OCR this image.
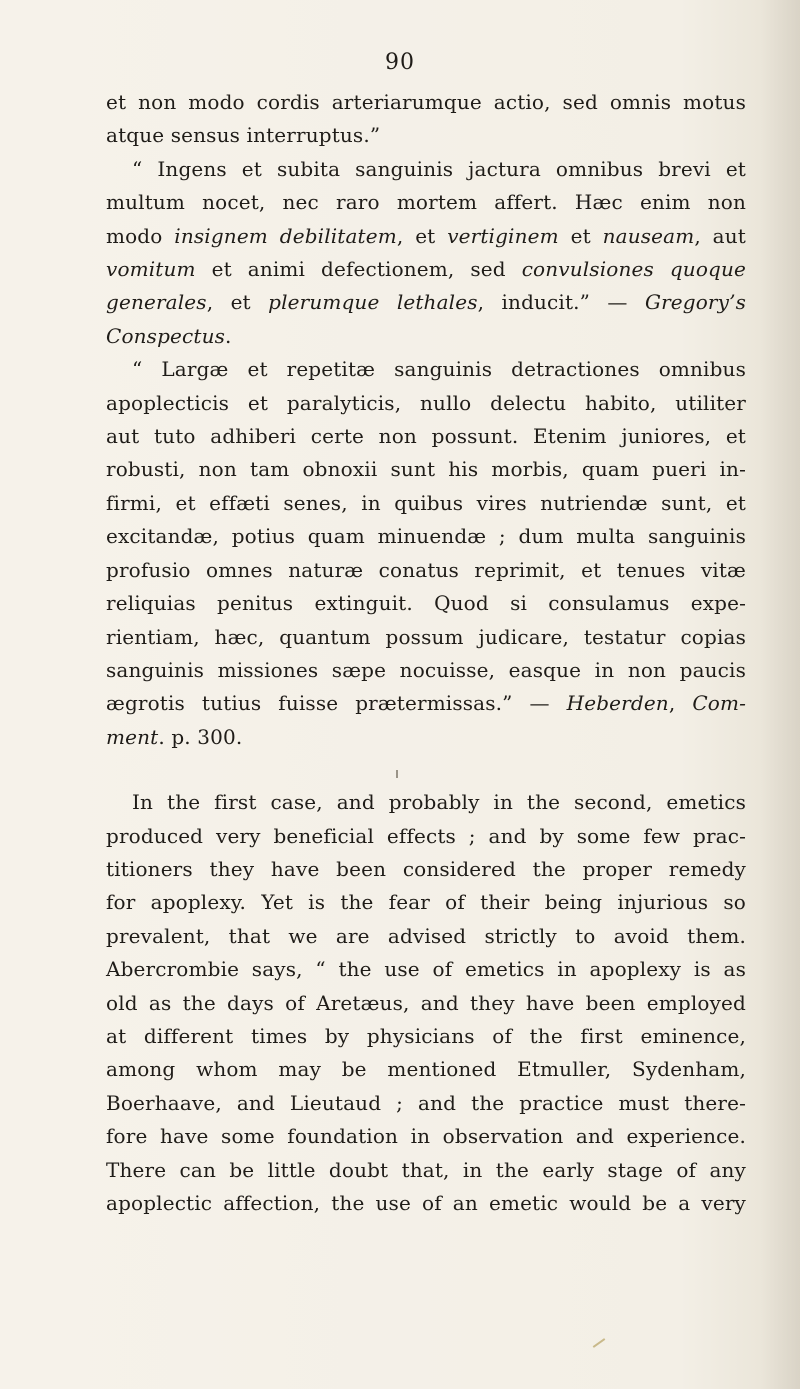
90

et non modo cordis arteriarumque actio, sed omnis motus
atque sensus interruptus.”

“ Ingens et subita sanguinis jactura omnibus brevi et
multum nocet, nec raro mortem affert. Hæc enim non
modo insignem debilitatem, et vertiginem et nauseam, aut
vomitum et animi defectionem, sed convulsiones quoque
generales, et plerumque lethales, inducit.” — Gregory’s
Conspectus.

“ Largæ et repetitæ sanguinis detractiones omnibus
apoplecticis et paralyticis, nullo delectu habito, utiliter
aut tuto adhiberi certe non possunt. Etenim juniores, et
robusti, non tam obnoxii sunt his morbis, quam pueri in-
firmi, et effæti senes, in quibus vires nutriendæ sunt, et
excitandæ, potius quam minuendæ ; dum multa sanguinis
profusio omnes naturæ conatus reprimit, et tenues vitæ
reliquias penitus extinguit. Quod si consulamus expe-
rientiam, hæc, quantum possum judicare, testatur copias
sanguinis missiones sæpe nocuisse, easque in non paucis
ægrotis tutius fuisse prætermissas.” — Heberden, Com-
ment. p. 300.

In the first case, and probably in the second, emetics
produced very beneficial effects ; and by some few prac-
titioners they have been considered the proper remedy
for apoplexy. Yet is the fear of their being injurious so
prevalent, that we are advised strictly to avoid them.
Abercrombie says, “ the use of emetics in apoplexy is as
old as the days of Aretæus, and they have been employed
at different times by physicians of the first eminence,
among whom may be mentioned Etmuller, Sydenham,
Boerhaave, and Lieutaud ; and the practice must there-
fore have some foundation in observation and experience.
There can be little doubt that, in the early stage of any
apoplectic affection, the use of an emetic would be a very
